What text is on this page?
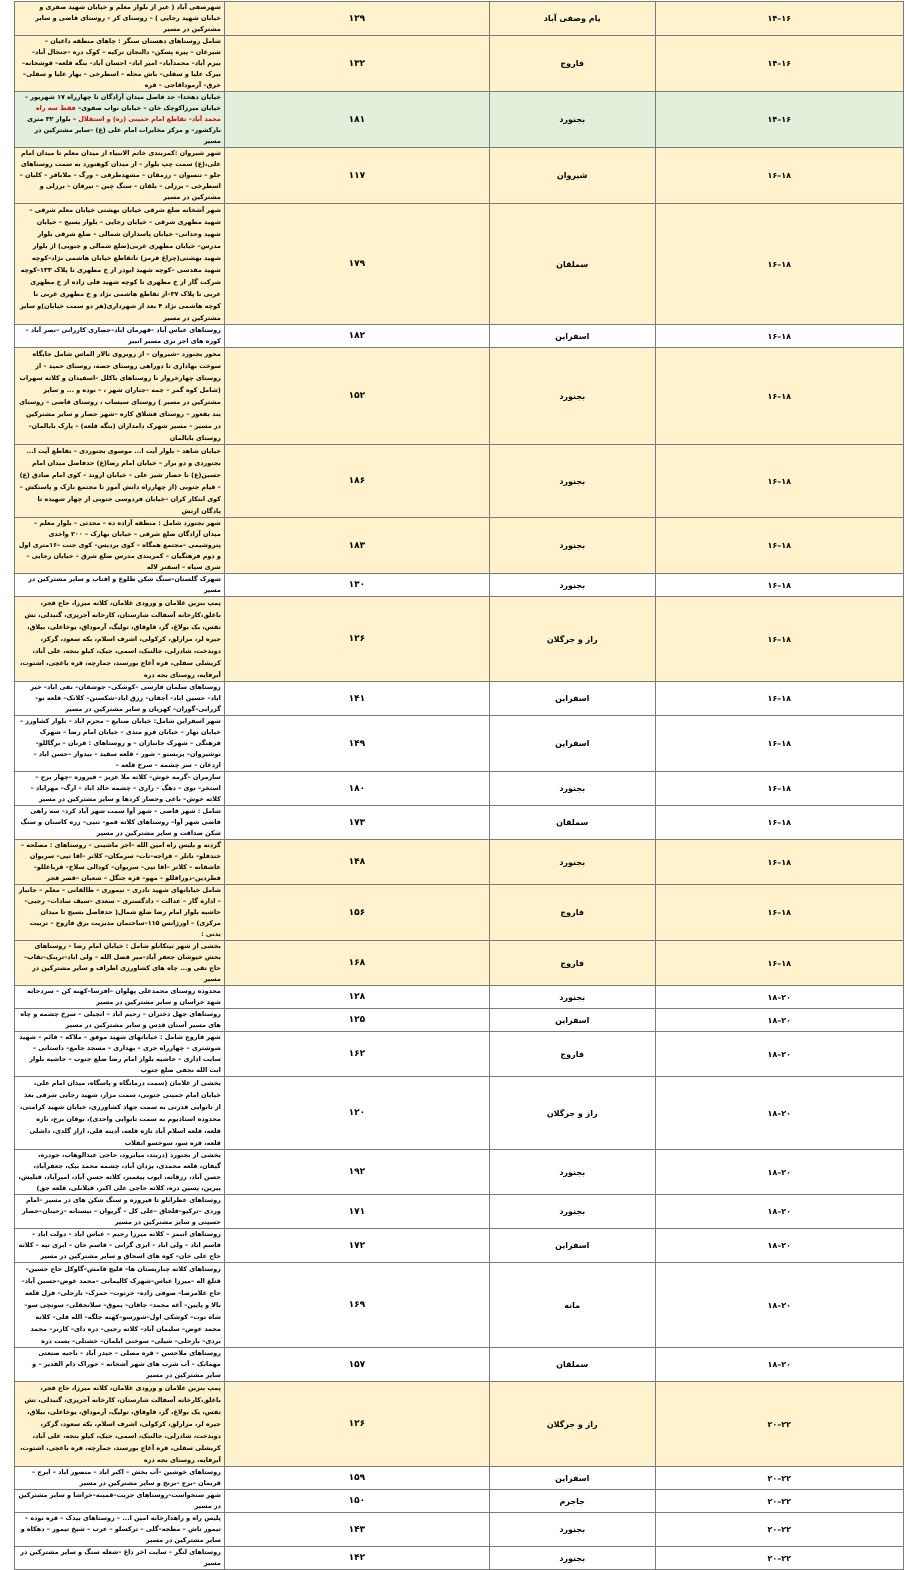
۱۶–۱۴	یام وصفی آباد	۱۲۹	شهرصفی آباد ( غیر از بلوار معلم و خیابان شهید صفری و خیابان شهید رجایی ) – روستای کز – روستای قاضی و سایر مشترکین در مسیر
۱۶–۱۴	فاروج	۱۳۲	شامل روستاهای دهستان سنگر : چاهای منطقه داغیان – شیرغان – پیره پسکن– دالنجان ترکیه – کوک دره –جنجال آباد– بیرم آباد– محمدآباد– امیر اباد– احسان آباد– بنگه قلعه– قوشخانه– بیرک علیا و سفلی– باش محله – اسطرخی – بهار علیا و سفلی– خرق– آرموداقاجی – قره
۱۶–۱۴	بجنورد	۱۸۱	خیابان دهخدا– حد فاصل میدان آزادگان تا چهارراه ۱۷ شهریور – خیابان میرزاکوچک خان – خیابان نواب صفوی– فقط سه راه محمد آباد– تقاطع امام خمینی (ره) و استقلال – بلوار ۳۲ متری بارکشور– و مرکز مخابرات امام علی (ع) –سایر مشترکین در مسیر
۱۸–۱۶	شیروان	۱۱۷	شهر شیروان :کمربندی خاتم الانبیاء از میدان معلم تا میدان امام علی،(ع) سمت چپ بلوار – از میدان کوهنورد به سمت روستاهای جلو – تنسوان – رزمقان – مشهدطرقی – ورگ – ملاباقر – کلیان – اسطرخی – برزلی – بلقان – سنگ چین – تیرقان – برزلی و مشترکین در مسیر
۱۸–۱۶	سملقان	۱۷۹	شهر آشخانه ضلع شرقی خیابان بهشتی خیابان معلم شرقی – شهید مطهری شرقی – خیابان رجایی – بلوار بسیج – خیابان شهید وحدانی– خیابان پاسداران شمالی – ضلع شرقی بلوار مدرس– خیابان مطهری غربی(ضلع شمالی و جنوبی) از بلوار شهید بهشتی(چراغ قرمز) تاتقاطع خیابان هاشمی نژاد–کوچه شهید مقدسی –کوچه شهید ابوذر از خ مطهری تا پلاک ۱۳۳–کوچه شرکت گاز از خ مطهری تا کوچه شهید فلی زاده از خ مطهری غربی تا پلاک ۳۷–از تقاطع هاشمی نژاد و خ مطهری غربی تا کوچه هاشمی نژاد ۴ بعد از شهرداری(هر دو سمت خیابان)و سایر مشترکین در مسیر
۱۸–۱۶	اسفراین	۱۸۲	روستاهای عباس آباد –قهرمان اباد–حصاری کازرانی –نصر آباد – کوره های اجر بزی مسیر انبیز
۱۸–۱۶	بجنورد	۱۵۲	محور بجنورد –شیروان – از روبروی تالار الماس شامل جایگاه سوخت بهاداری تا دوراهی روستای حصه، روستای حمید – از روستای چهارخروار تا روستاهای باکلل –اسفیدان و کلاته سهراب (شامل کوه گمر – جمه –جناران شهر ، – نوده و ... و سایر مشترکین در مسیر ) روستای سیساب ، روستای قاضی – روستای بند بقعور – روستای قشلاق کاره –شهر حصار و سایر مشترکین در مسیر – مسیر شهرک دامداران (بنگه قلعه) – پارک بابالمان– روستای بابالمان
۱۸–۱۶	بجنورد	۱۸۶	خیابان شاهد – بلوار آیت ا... موسوی بجنوردی – تقاطع آیت ا... بجنوردی و دو برار – خیابان امام رضا(ع) حدفاصل میدان امام حسین(ع) تا حصار شیر علی – خیابان اروند – کوی امام صادق (ع) – قیام جنوبی (از چهارراه دانش آموز تا مجتمع نازک و پاستکش – کوی ابتکار کران –خیابان فردوسی جنوبی از چهار شهیده تا پادگان ارتش
۱۸–۱۶	بجنورد	۱۸۳	شهر بجنورد شامل : منطقه آزاده ده – محدثی – بلوار معلم – میدان آزادگان ضلع شرقی – خیابان بهارک – ۲۰۰ واحدی پتروشیمی –مجتمع همگاه – کوی بردیس– کوی جنت –۱۶متری اول و دوم فرهنگیان – کمربندی مدرس ضلع شرق – خیابان رجایی – شری سیاه – اسفنر لاله
۱۸–۱۶	بجنورد	۱۳۰	شهرک گلستان–سنگ شکن طلوع و افتاب و سایر مشترکین در مسیر
۱۸–۱۶	راز و جرگلان	۱۲۶	پمپ بنزین غلامان و ورودی غلامان، کلاته میرزا، حاج قجر، باغلق،کارخانه آسفالت شارستان، کارخانه آجرپزی، گنبدلی، تش تفس، یک بولاغ، گز، قاوقاق، تولیگ، آرموداق، یوخاعلی، بیلاق، جیره لر، مزارلق، کرکولی، اشرف اسلام، بکه سعود، گرکز، دوبدخت، شادرلی، جالنبک، اسمی، جیک، کیلو بنجه، علی آباد، کریشلی سفلی، قره آغاج بورسند، جمارچه، قره باغچی، اشتوت، آبرفایه، روستای بجه دره
۱۸–۱۶	اسفراین	۱۴۱	روستاهای سلمان فارسی –کوشکی– جوشقان– نقی اباد– خیر اباد– حسین اباد– آجقان– رزق اباد–شکستن– کلاتک– قلعه نو– گزرابی–گوران– کهریان و سایر مشترکین در مسیر
۱۸–۱۶	اسفراین	۱۴۹	شهر اسفراین شامل: خیابان صنایع – محرم اباد – بلوار کشاورز – خیابان بهار – خیابان فرو مندی – خیابان امام رضا – شهرک فرهنگی – شهرک جانبازان – و روستاهای : قرنان – برگاللو–نوشیروان– بربستو – شور – قلعه سفید – بیدواز –حسن اباد – اردغان – سر چشمه – سرخ قلعه –
۱۸–۱۶	بجنورد	۱۸۰	سارمران –گرمه خوش– کلاته ملا عزیز – فیروزه –چهار برج – استخر– نوی – دهگ – زاری – چشمه خالد اباد – ارگ– مهراباد – کلاته خوش– باغی وحصار کردها و سایر مشترکین در مسیر
۱۸–۱۶	سملقان	۱۷۳	شامل : شهر قاضی – شهر آوا سمت شهر آباد کرد– سه راهی قاضی شهر آوا– روستاهای کلاته قمو– تنبی– زره کاسنان و سنگ شکن صداقت و سایر مشترکین در مسیر
۱۸–۱۶	بجنورد	۱۴۸	گردنه و بلیس راه امین الله –اجر ماشینی – روستاهای : مصلحه –خندقلو– ناتلر – قراجه–تات– سرمکان– کلاتر –اقا تپی– سربوان عاشقانه – کلاتر –اقا تپی– سربوان– کودالی سلاخ– قرباغللو– قطردین–دوراقللو – مهو– قره جنگل – شعبان –قصر قجر
۱۸–۱۶	فاروج	۱۵۶	شامل خیابانهای شهید نادری – تیموری – طالقانی – معلم – جانباز – اداره گاز – عدالت – دادگستری – سعدی –سیف سادات– رجبی– حاشیه بلوار امام رضا ضلع شمال( حدفاصل بسیج تا میدان مرکزی) – اورژانس ۱۱۵–ساختمان مدیریت برق فاروج – تربیت بدنی :
۱۸–۱۶	فاروج	۱۶۸	بخشی از شهر تیتکانلو شامل : خیابان امام رضا – روستاهای بخش خیوشان جعفر آباد–میر قضل الله – ولی اباد–ترینک–تقاب–حاج تقی و... چاه های کشاورزی اطراف و سایر مشترکین در مسیر
۲۰–۱۸	بجنورد	۱۲۸	محدوده روستای محمدعلی پهلوان –افزسا–کهنه کن – سردخانه شهد خراسان و سایر مشترکین در مسیر
۲۰–۱۸	اسفراین	۱۲۵	روستاهای جهل دختران – رحیم اباد – انجیلی – سرخ چشمه و چاه های مسیر آستان قدس و سایر مشترکین در مسیر
۲۰–۱۸	فاروج	۱۶۲	شهر فاروج شامل : خیابانهای شهید موفق – ملاکه – قائم – شهید شوشتری – چهارراه جری – بهداری – مسجد جامع– داستانی – سایت اداری – حاشیه بلوار امام رضا ضلع جنوب – حاشیه بلوار ابت الله نجفی ضلع جنوب
۲۰–۱۸	راز و جرگلان	۱۲۰	بخشی از غلامان (سمت درمانگاه و پاسگاه، میدان امام علی، خیابان امام خمینی جنوبی، سمت مزار، شهید رجایی شرقی بعد از تانوایی قدرتی به سمت جهاد کشاورزی، خیابان شهید کرامتی، محدوده استادیوم به سمت تانوایی واحدی)، بوقان برج، تازه قلعه، قلعه اسلام آباد تازه قلعه، آدینه قلی، اراز گلدی، داشلی قلعه، قره سو، سوخسو انقلاب
۲۰–۱۸	بجنورد	۱۹۲	بخشی از بجنورد (دربند، میانرود، حاجی عبدالوهاب، جودره، گیفان، قلعه محمدی، یزدان آباد، چشمه محمد بیک، جعفرآباد، حسن آباد، رزقانه، ایوب پیغمبر، کلاته حسن آباد، امیرآباد، قبلیش، پیرین، پسین دره، کلاته حاجی علی اکبر، قیلانلی، قلعه جق)
۲۰–۱۸	بجنورد	۱۷۱	روستاهای عطرانلو تا فیروزه و سنگ شکن های در مسیر –امام وردی –ترکیو–قلجاق –علی کل – گریوان – نیستانه –رخینان–حصار حسینی و سایر مشترکین در مسیر
۲۰–۱۸	اسفراین	۱۷۲	روستاهای انبمز – کلاته میرزا رحیم – عباس اباد – دولت اباد – قاسم اباد – ولی اباد – ابزی گرانی – قاسم خان – ابری تپه – کلاته حاج علی خان– کوه های اسحاق و سایر مشترکین در مسیر
۲۰–۱۸	مانه	۱۶۹	روستاهای کلاته چناریستان ها– قلیچ قامش–گاوکل حاج حسین–قتلغ اله –میرزا عباس–شهرک کالیمانی –محمد عوض–حسین آباد–حاج غلامرضا– صوفی زاده– خرتوت– حمزک– نارجلی– قزل قلعه بالا و پایین– آغه محمد– جاقان– یموق– سلانجقلی– سونچی سو– شاه توت– کوشکی اول–شورسو–کهنه جلگه– الله قلی– کلاته محمد عوض– سلیمان آباد– کلاته رجبی– دره دای– کارنز– محمد بردی– بارجلی– شیلی– سوختی ایلمان– خشتلی– بست دره
۲۰–۱۸	سملقان	۱۵۷	روستاهای ملاحسن – قره مصلی – حیدر آباد – ناحیه صنعتی مهمانک – آب شرب های شهر آشخانه – خوراک دام القدیر – و سایر مشترکین در مسیر
۲۲–۲۰	راز و جرگلان	۱۲۶	پمپ بنزین غلامان و ورودی غلامان، کلاته میرزا، حاج قجر، باغلق،کارخانه آسفالت شارستان، کارخانه آجرپزی، گنبدلی، تش تفس، یک بولاغ، گز، قاوقاق، تولیگ، آرموداق، یوخاعلی، بیلاق، جیره لر، مزارلق، کرکولی، اشرف اسلام، بکه سعود، گرکز، دوبدخت، شادرلی، جالنبک، اسمی، جیک، کیلو بنجه، علی آباد، کریشلی سفلی، قره آغاج بورسند، جمارچه، قره باغچی، اشتوت، آبرفایه، روستای بجه دره
۲۲–۲۰	اسفراین	۱۵۹	روستاهای خوشین –آب بخش – اکبر اباد – منصور اباد – ابرج – قربمان –برج –برنج و سایر مشترکین در مسیر
۲۲–۲۰	جاجرم	۱۵۰	شهر سنخواست–روستاهای جربت–قمینه–خراشا و سایر مشترکین در مسیر
۲۲–۲۰	بجنورد	۱۴۳	پلیس راه و راهدارخانه امین ا... – روستاهای بیدک – قره نوده – تیمور تاش – مطجه–گلی – ترکسلو – عرب – شیخ تیمور – دهکاه و سایر مشترکین در مسیر
۲۲–۲۰	بجنورد	۱۴۲	روستاهای لنگر – سایت اخر داغ –شعله سنگ و سایر مشترکین در مسیر
